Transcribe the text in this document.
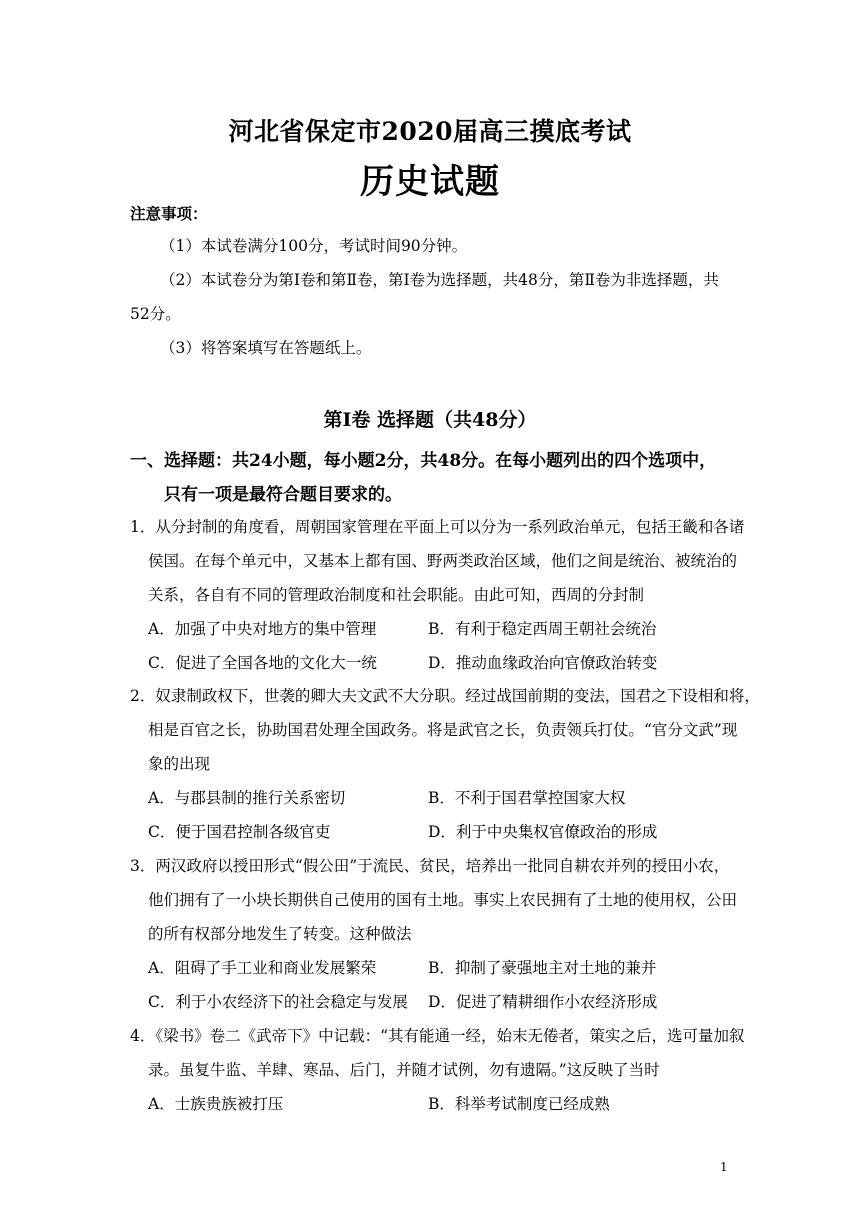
河北省保定市2020届高三摸底考试
历史试题
注意事项：
（1）本试卷满分100分，考试时间90分钟。
（2）本试卷分为第Ⅰ卷和第Ⅱ卷，第Ⅰ卷为选择题，共48分，第Ⅱ卷为非选择题，共
52分。
（3）将答案填写在答题纸上。
第Ⅰ卷 选择题（共48分）
一、选择题：共24小题，每小题2分，共48分。在每小题列出的四个选项中，
只有一项是最符合题目要求的。
1．从分封制的角度看，周朝国家管理在平面上可以分为一系列政治单元，包括王畿和各诸
侯国。在每个单元中，又基本上都有国、野两类政治区域，他们之间是统治、被统治的
关系，各自有不同的管理政治制度和社会职能。由此可知，西周的分封制
A．加强了中央对地方的集中管理	B．有利于稳定西周王朝社会统治
C．促进了全国各地的文化大一统	D．推动血缘政治向官僚政治转变
2．奴隶制政权下，世袭的卿大夫文武不大分职。经过战国前期的变法，国君之下设相和将，
相是百官之长，协助国君处理全国政务。将是武官之长，负责领兵打仗。“官分文武”现
象的出现
A．与郡县制的推行关系密切	B．不利于国君掌控国家大权
C．便于国君控制各级官吏	D．利于中央集权官僚政治的形成
3．两汉政府以授田形式“假公田”于流民、贫民，培养出一批同自耕农并列的授田小农，
他们拥有了一小块长期供自己使用的国有土地。事实上农民拥有了土地的使用权，公田
的所有权部分地发生了转变。这种做法
A．阻碍了手工业和商业发展繁荣	B．抑制了豪强地主对土地的兼并
C．利于小农经济下的社会稳定与发展 D．促进了精耕细作小农经济形成
4．《梁书》卷二《武帝下》中记载：“其有能通一经，始末无倦者，策实之后，选可量加叙
录。虽复牛监、羊肆、寒品、后门，并随才试例，勿有遗隔。”这反映了当时
A．士族贵族被打压	B．科举考试制度已经成熟
1
